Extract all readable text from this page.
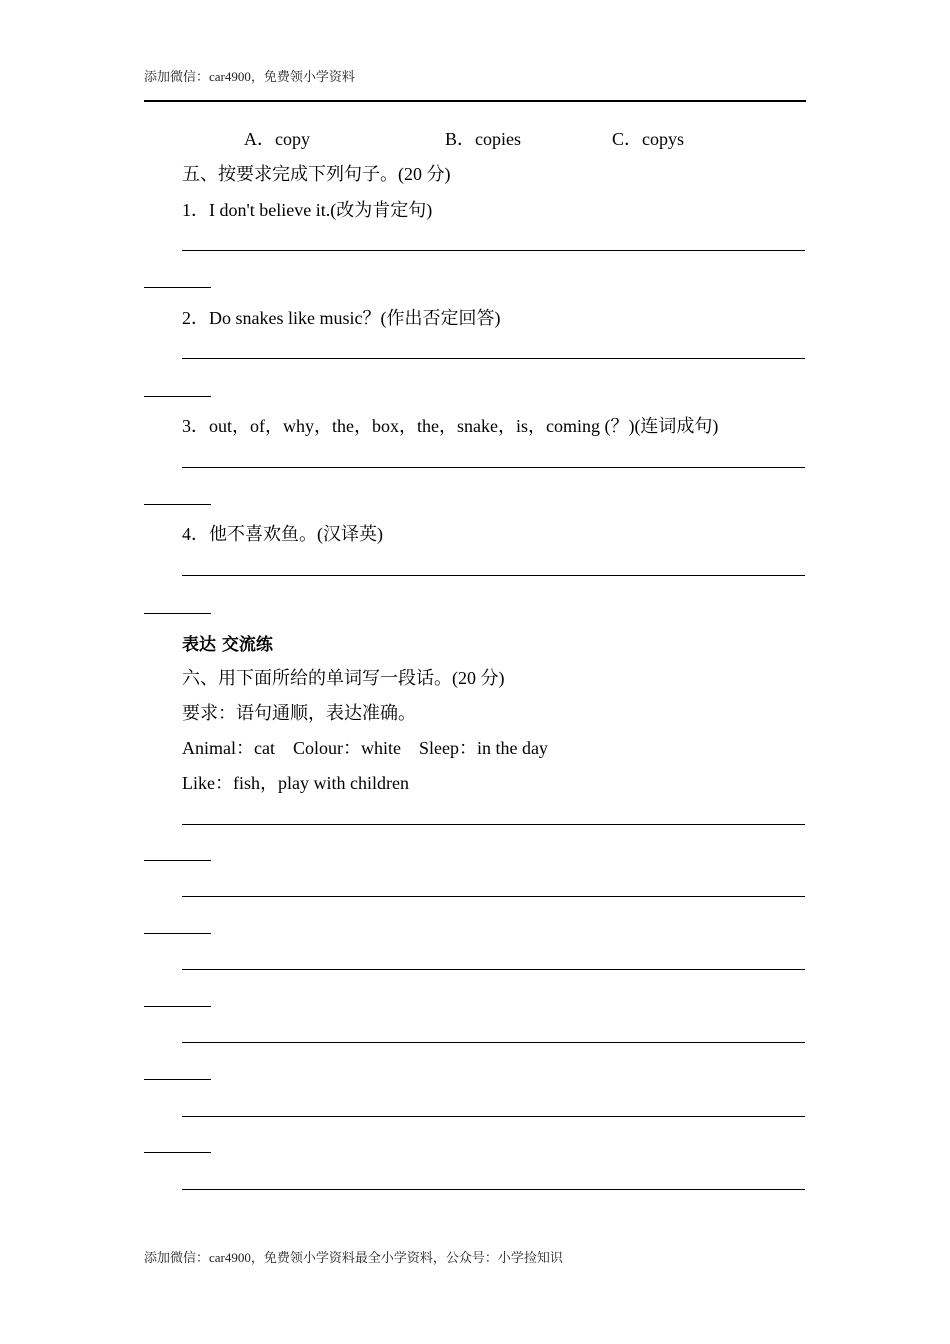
添加微信：car4900，免费领小学资料
A．copy	B．copies	C．copys
五、按要求完成下列句子。(20 分)
1．I don't believe it.(改为肯定句)
2．Do snakes like music？(作出否定回答)
3．out，of，why，the，box，the，snake，is，coming (？)(连词成句)
4．他不喜欢鱼。(汉译英)
表达 交流练
六、用下面所给的单词写一段话。(20 分)
要求：语句通顺，表达准确。
Animal：cat    Colour：white    Sleep：in the day
Like：fish，play with children
添加微信：car4900，免费领小学资料最全小学资料，公众号：小学捡知识
